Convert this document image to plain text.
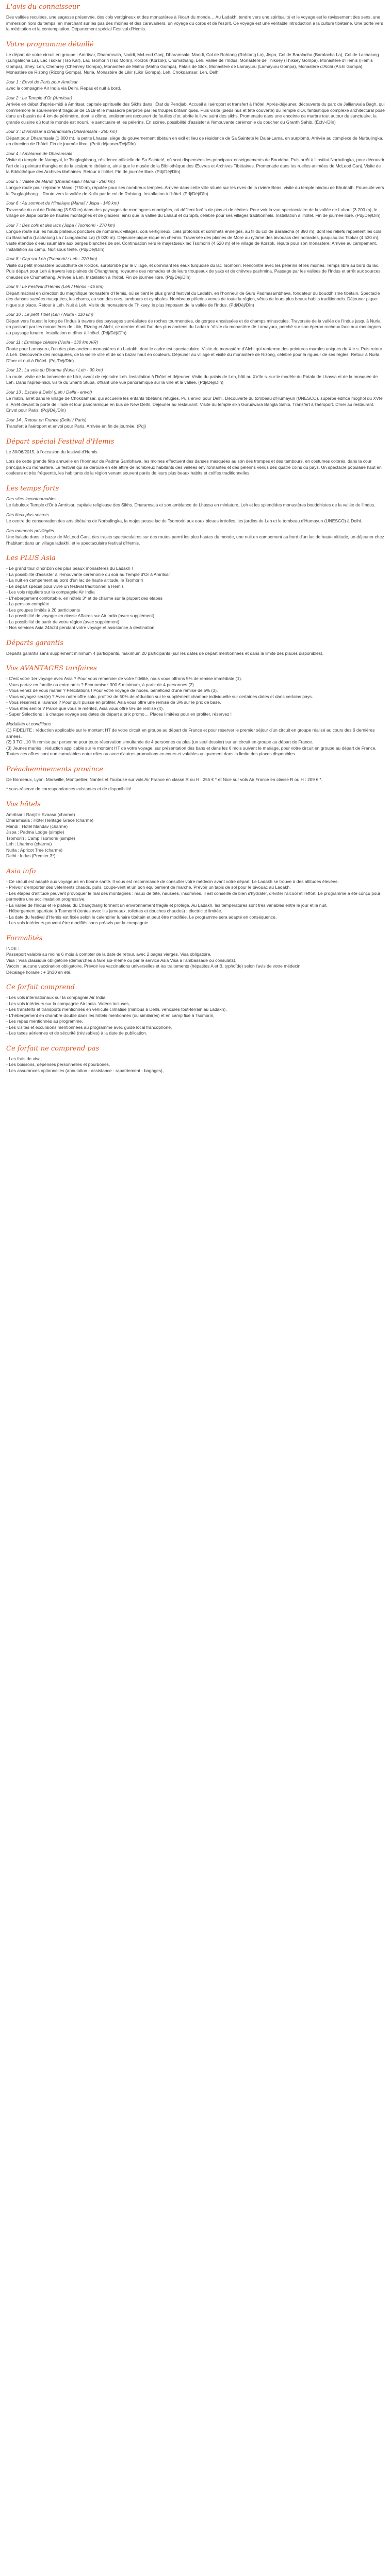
L'avis du connaisseur

Des vallées reculées, une sagesse préservée, des cols vertigineux et des monastères à l'écart du monde… Au Ladakh, tendre vers une spiritualité et le voyage est le ravissement des sens, une immersion hors du temps, en marchant sur les pas des moines et des caravaniers, un voyage du corps et de l'esprit. Ce voyage est une véritable introduction à la culture tibétaine. Une porte vers la méditation et la contemplation. Département spécial Festival d'Hemis.

Votre programme détaillé

Le départ de votre circuit en groupe : Amritsar, Dharamsala, Naddi, McLeod Ganj, Dharamsala, Mandi, Col de Rohtang (Rohtang La), Jispa, Col de Baralacha (Baralacha La), Col de Lachalung (Lungalacha La), Lac Tsokar (Tso Kar), Lac Tsomoriri (Tso Moriri), Korzok (Korzok), Chumathang, Leh, Vallée de l'Indus, Monastère de Thiksey (Thiksey Gompa), Monastère d'Hemis (Hemis Gompa), Shey, Leh, Chemrey (Chemrey Gompa), Monastère de Matho (Matho Gompa), Palais de Stok, Monastère de Lamayuru (Lamayuru Gompa), Monastère d'Alchi (Alchi Gompa), Monastère de Rizong (Rizong Gompa), Nurla, Monastère de Likir (Likir Gompa), Leh, Chokdamsar, Leh, Delhi.

Jour 1 : Envol de Paris pour Amritsar

avec la compagnie Air India via Delhi. Repas et nuit à bord.

Jour 2 : Le Temple d'Or (Amritsar)

Arrivée en début d'après-midi à Amritsar, capitale spirituelle des Sikhs dans l'État du Pendjab. Accueil à l'aéroport et transfert à l'hôtel. Après-déjeuner, découverte du parc de Jallianwala Bagh, qui commémore le soulèvement tragique de 1919 et le massacre perpétré par les troupes britanniques. Puis visite (pieds nus et tête couverte) du Temple d'Or, fantastique complexe architectural posé dans un bassin de 4 km de périmètre, dont le dôme, entièrement recouvert de feuilles d'or, abrite le livre saint des sikhs. Promenade dans une enceinte de marbre tout autour du sanctuaire, la grande cuisine où tout le monde est nourri, le sanctuaire et les pèlerins. En soirée, possibilité d'assister à l'émouvante cérémonie du coucher du Granth Sahib. (Éch/-/Dîn)

Jour 3 : D'Amritsar à Dharamsala (Dharamsala - 250 km)

Départ pour Dharamsala (1 800 m), la petite Lhassa, siège du gouvernement tibétain en exil et lieu de résidence de Sa Sainteté le Dalaï-Lama, en surplomb. Arrivée au complexe de Nurbulingka, en direction de l'hôtel. Fin de journée libre. (Petit déjeuner/Déj/Dîn)

Jour 4 : Ambiance de Dharamsala

Visite du temple de Namgyal, le Tsuglagkhang, résidence officielle de Sa Sainteté, où sont dispensées les principaux enseignements de Bouddha. Puis arrêt à l'Institut Norbulingka, pour découvrir l'art de la peinture thangka et de la sculpture tibétaine, ainsi que le musée de la Bibliothèque des Œuvres et Archives Tibétaines. Promenade dans les ruelles animées de McLeod Ganj. Visite de la Bibliothèque des Archives tibétaines. Retour à l'hôtel. Fin de journée libre. (Pdj/Déj/Dîn)

Jour 5 : Vallée de Mandi (Dharamsala / Mandi - 250 km)

Longue route pour rejoindre Mandi (750 m), réputée pour ses nombreux temples. Arrivée dans cette ville située sur les rives de la rivière Beas, visite du temple hindou de Bhutnath. Poursuite vers le Tsuglagkhang... Route vers la vallée de Kullu par le col de Rohtang. Installation à l'hôtel. (Pdj/Déj/Dîn)

Jour 6 : Au sommet du Himalaya (Manali / Jispa - 140 km)

Traversée du col de Rohtang (3 980 m) dans des paysages de montagnes enneigées, où défilent forêts de pins et de cèdres. Pour voir la vue spectaculaire de la vallée de Lahaul (3 200 m), le village de Jispa bordé de hautes montagnes et de glaciers, ainsi que la vallée du Lahaul et du Spiti, célèbre pour ses villages traditionnels. Installation à l'hôtel. Fin de journée libre. (Pdj/Déj/Dîn)

Jour 7 : Des cols et des lacs (Jispa / Tsomoriri - 270 km)

Longue route sur les hauts plateaux ponctués de nombreux villages, cols vertigineux, ciels profonds et sommets enneigés, au fil du col de Baralacha (4 890 m), dont les reliefs rappellent les cols du Baralacha (Lachalung La / Lungalacha La) (5 020 m). Déjeuner-pique-nique en chemin. Traversée des plaines de More au rythme des bivouacs des nomades, jusqu'au lac Tsokar (4 530 m), vaste étendue d'eau saumâtre aux berges blanches de sel. Continuation vers le majestueux lac Tsomoriri (4 520 m) et le village de Korzok, réputé pour son monastère. Arrivée au campement. Installation au camp. Nuit sous tente. (Pdj/Déj/Dîn)

Jour 8 : Cap sur Leh (Tsomoriri / Leh - 220 km)

Visite du petit monastère bouddhiste de Korzok, surplombé par le village, et dominant les eaux turquoise du lac Tsomoriri. Rencontre avec les pèlerins et les moines. Temps libre au bord du lac. Puis départ pour Leh à travers les plaines de Changthang, royaume des nomades et de leurs troupeaux de yaks et de chèvres pashmina. Passage par les vallées de l'Indus et arrêt aux sources chaudes de Chumathang. Arrivée à Leh. Installation à l'hôtel. Fin de journée libre. (Pdj/Déj/Dîn)

Jour 9 : Le Festival d'Hemis (Leh / Hemis - 45 km)

Départ matinal en direction du magnifique monastère d'Hemis, où se tient le plus grand festival du Ladakh, en l'honneur de Guru Padmasambhava, fondateur du bouddhisme tibétain. Spectacle des danses sacrées masquées, les chams, au son des cors, tambours et cymbales. Nombreux pèlerins venus de toute la région, vêtus de leurs plus beaux habits traditionnels. Déjeuner pique-nique sur place. Retour à Leh. Nuit à Leh. Visite du monastère de Thiksey, le plus imposant de la vallée de l'Indus. (Pdj/Déj/Dîn)

Jour 10 : Le petit Tibet (Leh / Nurla - 110 km)

Départ vers l'ouest le long de l'Indus à travers des paysages surréalistes de roches tourmentées, de gorges encaissées et de champs minuscules. Traversée de la vallée de l'Indus jusqu'à Nurla en passant par les monastères de Likir, Rizong et Alchi, ce dernier étant l'un des plus anciens du Ladakh. Visite du monastère de Lamayuru, perché sur son éperon rocheux face aux montagnes au paysage lunaire. Installation et dîner à l'hôtel. (Pdj/Déj/Dîn)

Jour 11 : Ermitage céleste (Nurla - 130 km A/R)

Route pour Lamayuru, l'un des plus anciens monastères du Ladakh, dont le cadre est spectaculaire. Visite du monastère d'Alchi qui renferme des peintures murales uniques du XIe s. Puis retour à Leh. Découverte des mosquées, de la vieille ville et de son bazar haut en couleurs. Déjeuner au village et visite du monastère de Rizong, célèbre pour la rigueur de ses règles. Retour à Nurla. Dîner et nuit à l'hôtel. (Pdj/Déj/Dîn)

Jour 12 : La voie du Dharma (Nurla / Leh - 90 km)

La route, visite de la lamaserie de Likir, avant de rejoindre Leh. Installation à l'hôtel et déjeuner. Visite du palais de Leh, bâti au XVIIe s. sur le modèle du Potala de Lhassa et de la mosquée de Leh. Dans l'après-midi, visite du Shanti Stupa, offrant une vue panoramique sur la ville et la vallée. (Pdj/Déj/Dîn)

Jour 13 : Escale à Delhi (Leh / Delhi - envol)

Le matin, arrêt dans le village de Chokdamsar, qui accueille les enfants tibétains réfugiés. Puis envol pour Delhi. Découverte du tombeau d'Humayun (UNESCO), superbe édifice moghol du XVIe s. Arrêt devant la porte de l'Inde et tour panoramique en bus de New Delhi. Déjeuner au restaurant. Visite du temple sikh Gurudwara Bangla Sahib. Transfert à l'aéroport. Dîner au restaurant. Envol pour Paris. (Pdj/Déj/Dîn)

Jour 14 : Retour en France (Delhi / Paris)

Transfert à l'aéroport et envol pour Paris. Arrivée en fin de journée. (Pdj)

Départ spécial Festival d'Hemis

Le 30/06/2015, à l'occasion du festival d'Hemis

Lors de cette grande fête annuelle en l'honneur de Padma Sambhava, les moines effectuent des danses masquées au son des trompes et des tambours, en costumes colorés, dans la cour principale du monastère. Le festival qui se déroule en été attire de nombreux habitants des vallées environnantes et des pèlerins venus des quatre coins du pays. Un spectacle populaire haut en couleurs et très fréquenté, les habitants de la région venant souvent parés de leurs plus beaux habits et coiffes traditionnelles.

Les temps forts

Des sites incontournables

Le fabuleux Temple d'Or à Amritsar, capitale religieuse des Sikhs, Dharamsala et son ambiance de Lhassa en miniature, Leh et les splendides monastères bouddhistes de la vallée de l'Indus.

Des lieux plus secrets

Le centre de conservation des arts tibétains de Norbulingka, la majestueuse lac de Tsomoriri aux eaux bleues irréelles, les jardins de Leh et le tombeau d'Humayun (UNESCO) à Delhi.

Des moments privilégiés

Une balade dans le bazar de McLeod Ganj, des trajets spectaculaires sur des routes parmi les plus hautes du monde, une nuit en campement au bord d'un lac de haute altitude, un déjeuner chez l'habitant dans un village ladakhi, et le spectaculaire festival d'Hemis.

Les PLUS Asia
- Le grand tour d'horizon des plus beaux monastères du Ladakh !
- La possibilité d'assister à l'émouvante cérémonie du soir au Temple d'Or à Amritsar
- La nuit en campement au bord d'un lac de haute altitude, le Tsomoriri
- Le départ spécial pour vivre un festival traditionnel à Hemis
- Les vols réguliers sur la compagnie Air India
- L'hébergement confortable, en hôtels 3* et de charme sur la plupart des étapes
- La pension complète
- Les groupes limités à 20 participants
- La possibilité de voyager en classe Affaires sur Air India (avec supplément)
- La possibilité de partir de votre région (avec supplément)
- Nos services Asia 24h/24 pendant votre voyage et assistance à destination
Départs garantis

Départs garantis sans supplément minimum 4 participants, maximum 20 participants (sur les dates de départ mentionnées et dans la limite des places disponibles).

Vos AVANTAGES tarifaires
- C'est votre 1er voyage avec Asia ? Pour vous remercier de votre fidélité, nous vous offrons 5% de remise immédiate (1).
- Vous partez en famille ou entre amis ? Economisez 300 € minimum, à partir de 4 personnes (2).
- Vous venez de vous marier ? Félicitations ! Pour votre voyage de noces, bénéficiez d'une remise de 5% (3).
- Vous voyagez seul(e) ? Avec notre offre solo, profitez de 50% de réduction sur le supplément chambre individuelle sur certaines dates et dans certains pays.
- Vous réservez à l'avance ? Pour qu'il puisse en profiter, Asia vous offre une remise de 3% sur le prix de base.
- Vous êtes senior ? Parce que vous le méritez, Asia vous offre 5% de remise (4).
- Super Sélections : à chaque voyage ses dates de départ à prix promo… Places limitées pour en profiter, réservez !

Modalités et conditions

(1) FIDELITE : réduction applicable sur le montant HT de votre circuit en groupe au départ de France et pour réserver le premier séjour d'un circuit en groupe réalisé au cours des 6 dernières années.
(2) 3 TOI, 10 % remise par personne pour toute réservation simultanée de 4 personnes ou plus (un seul dossier) sur un circuit en groupe au départ de France.
(3) Jeunes mariés : réduction applicable sur le montant HT de votre voyage, sur présentation des bans et dans les 6 mois suivant le mariage, pour votre circuit en groupe au départ de France.
Toutes ces offres sont non cumulables entre elles ou avec d'autres promotions en cours et valables uniquement dans la limite des places disponibles.
Préacheminements province

De Bordeaux, Lyon, Marseille, Montpellier, Nantes et Toulouse sur vols Air France en classe R ou H : 255 € * et Nice sur vols Air France en classe R ou H : 209 € *.

* sous réserve de correspondances existantes et de disponibilité

Vos hôtels
Amritsar : Ranjit's Svaasa (charme)
Dharamsala : Hôtel Heritage Grace (charme)
Mandi : Hotel Mandav (charme)
Jispa : Padma Lodge (simple)
Tsomoriri : Camp Tsomoriri (simple)
Leh : Lharimo (charme)
Nurla : Apricot Tree (charme)
Delhi : Indus (Premier 3*)
Asia info
- Ce circuit est adapté aux voyageurs en bonne santé. Il vous est recommandé de consulter votre médecin avant votre départ. Le Ladakh se trouve à des altitudes élevées.
- Prévoir d'emporter des vêtements chauds, pulls, coupe-vent et un bon équipement de marche. Prévoir un tapis de sol pour le bivouac au Ladakh.
- Les étapes d'altitude peuvent provoquer le mal des montagnes : maux de tête, nausées, insomnies. Il est conseillé de bien s'hydrater, d'éviter l'alcool et l'effort. Le programme a été conçu pour permettre une acclimatation progressive.
- La vallée de l'Indus et le plateau du Changthang forment un environnement fragile et protégé. Au Ladakh, les températures sont très variables entre le jour et la nuit.
- Hébergement spartiate à Tsomoriri (tentes avec lits jumeaux, toilettes et douches chaudes) ; électricité limitée.
- La date du festival d'Hemis est fixée selon le calendrier lunaire tibétain et peut être modifiée. Le programme sera adapté en conséquence.
- Les vols intérieurs peuvent être modifiés sans préavis par la compagnie.
Formalités
INDE :
Passeport valable au moins 6 mois à compter de la date de retour, avec 2 pages vierges. Visa obligatoire.
Visa : Visa classique obligatoire (démarches à faire soi-même ou par le service Asia Visa à l'ambassade ou consulats).
Vaccin : aucune vaccination obligatoire. Prévoir les vaccinations universelles et les traitements (hépatites A et B, typhoïde) selon l'avis de votre médecin.
Décalage horaire : + 3h30 en été.
Ce forfait comprend
- Les vols internationaux sur la compagnie Air India,
- Les vols intérieurs sur la compagnie Air India. Vidéos incluses,
- Les transferts et transports mentionnés en véhicule climatisé (minibus à Delhi, véhicules tout-terrain au Ladakh),
- L'hébergement en chambre double dans les hôtels mentionnés (ou similaires) et en camp fixe à Tsomoriri,
- Les repas mentionnés au programme,
- Les visites et excursions mentionnées au programme avec guide local francophone,
- Les taxes aériennes et de sécurité (révisables) à la date de publication.
Ce forfait ne comprend pas
- Les frais de visa,
- Les boissons, dépenses personnelles et pourboires,
- Les assurances optionnelles (annulation - assistance - rapatriement - bagages),
